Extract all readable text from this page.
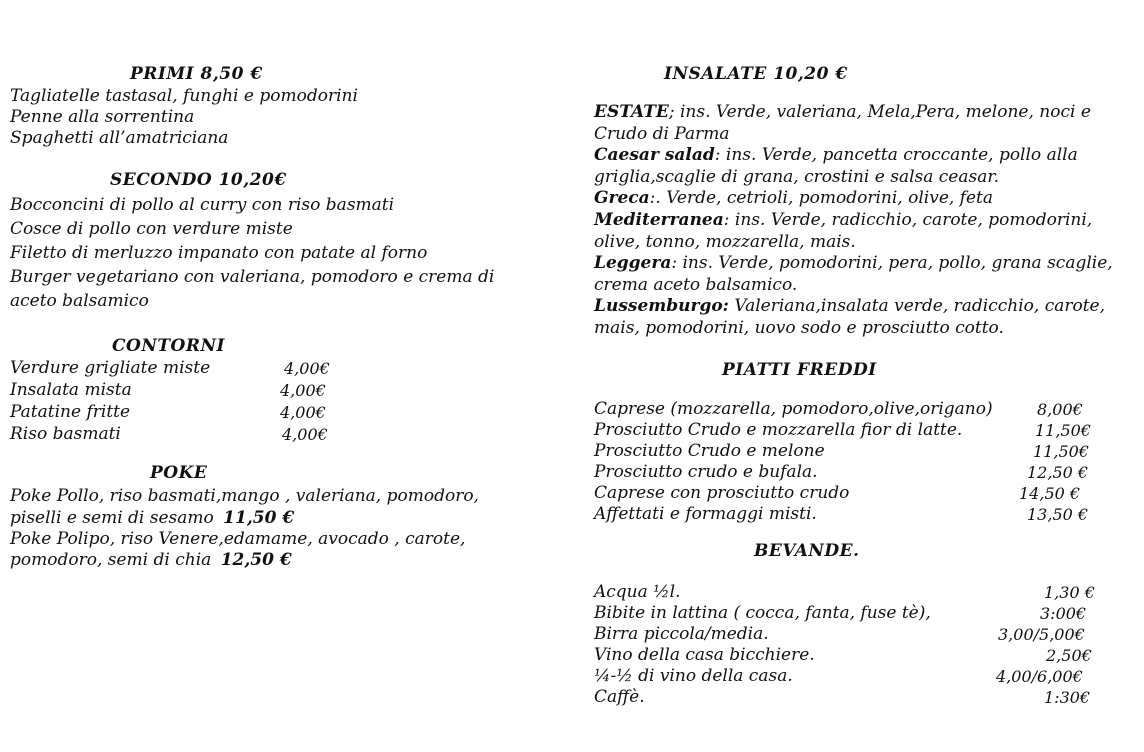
PRIMI 8,50 €
Tagliatelle tastasal, funghi e pomodorini
Penne alla sorrentina
Spaghetti all’amatriciana
SECONDO 10,20€
Bocconcini di pollo al curry con riso basmati
Cosce di pollo con verdure miste
Filetto di merluzzo impanato con patate al forno
Burger vegetariano con valeriana, pomodoro e crema di
aceto balsamico
CONTORNI
Verdure grigliate miste	4,00€
Insalata mista	4,00€
Patatine fritte	4,00€
Riso basmati	4,00€
POKE
Poke Pollo, riso basmati,mango , valeriana, pomodoro,
piselli e semi di sesamo 11,50 €
Poke Polipo, riso Venere,edamame, avocado , carote,
pomodoro, semi di chia 12,50 €
INSALATE 10,20 €
ESTATE; ins. Verde, valeriana, Mela,Pera, melone, noci e Crudo di Parma
Caesar salad: ins. Verde, pancetta croccante, pollo alla griglia,scaglie di grana, crostini e salsa ceasar.
Greca:. Verde, cetrioli, pomodorini, olive, feta
Mediterranea: ins. Verde, radicchio, carote, pomodorini, olive, tonno, mozzarella, mais.
Leggera: ins. Verde, pomodorini, pera, pollo, grana scaglie, crema aceto balsamico.
Lussemburgo: Valeriana,insalata verde, radicchio, carote, mais, pomodorini, uovo sodo e prosciutto cotto.
PIATTI FREDDI
Caprese (mozzarella, pomodoro,olive,origano)	8,00€
Prosciutto Crudo e mozzarella fior di latte.	11,50€
Prosciutto Crudo e melone	11,50€
Prosciutto crudo e bufala.	12,50 €
Caprese con prosciutto crudo	14,50 €
Affettati e formaggi misti.	13,50 €
BEVANDE.
Acqua ½l.	1,30 €
Bibite in lattina ( cocca, fanta, fuse tè),	3:00€
Birra piccola/media.	3,00/5,00€
Vino della casa bicchiere.	2,50€
¼-½ di vino della casa.	4,00/6,00€
Caffè.	1:30€
